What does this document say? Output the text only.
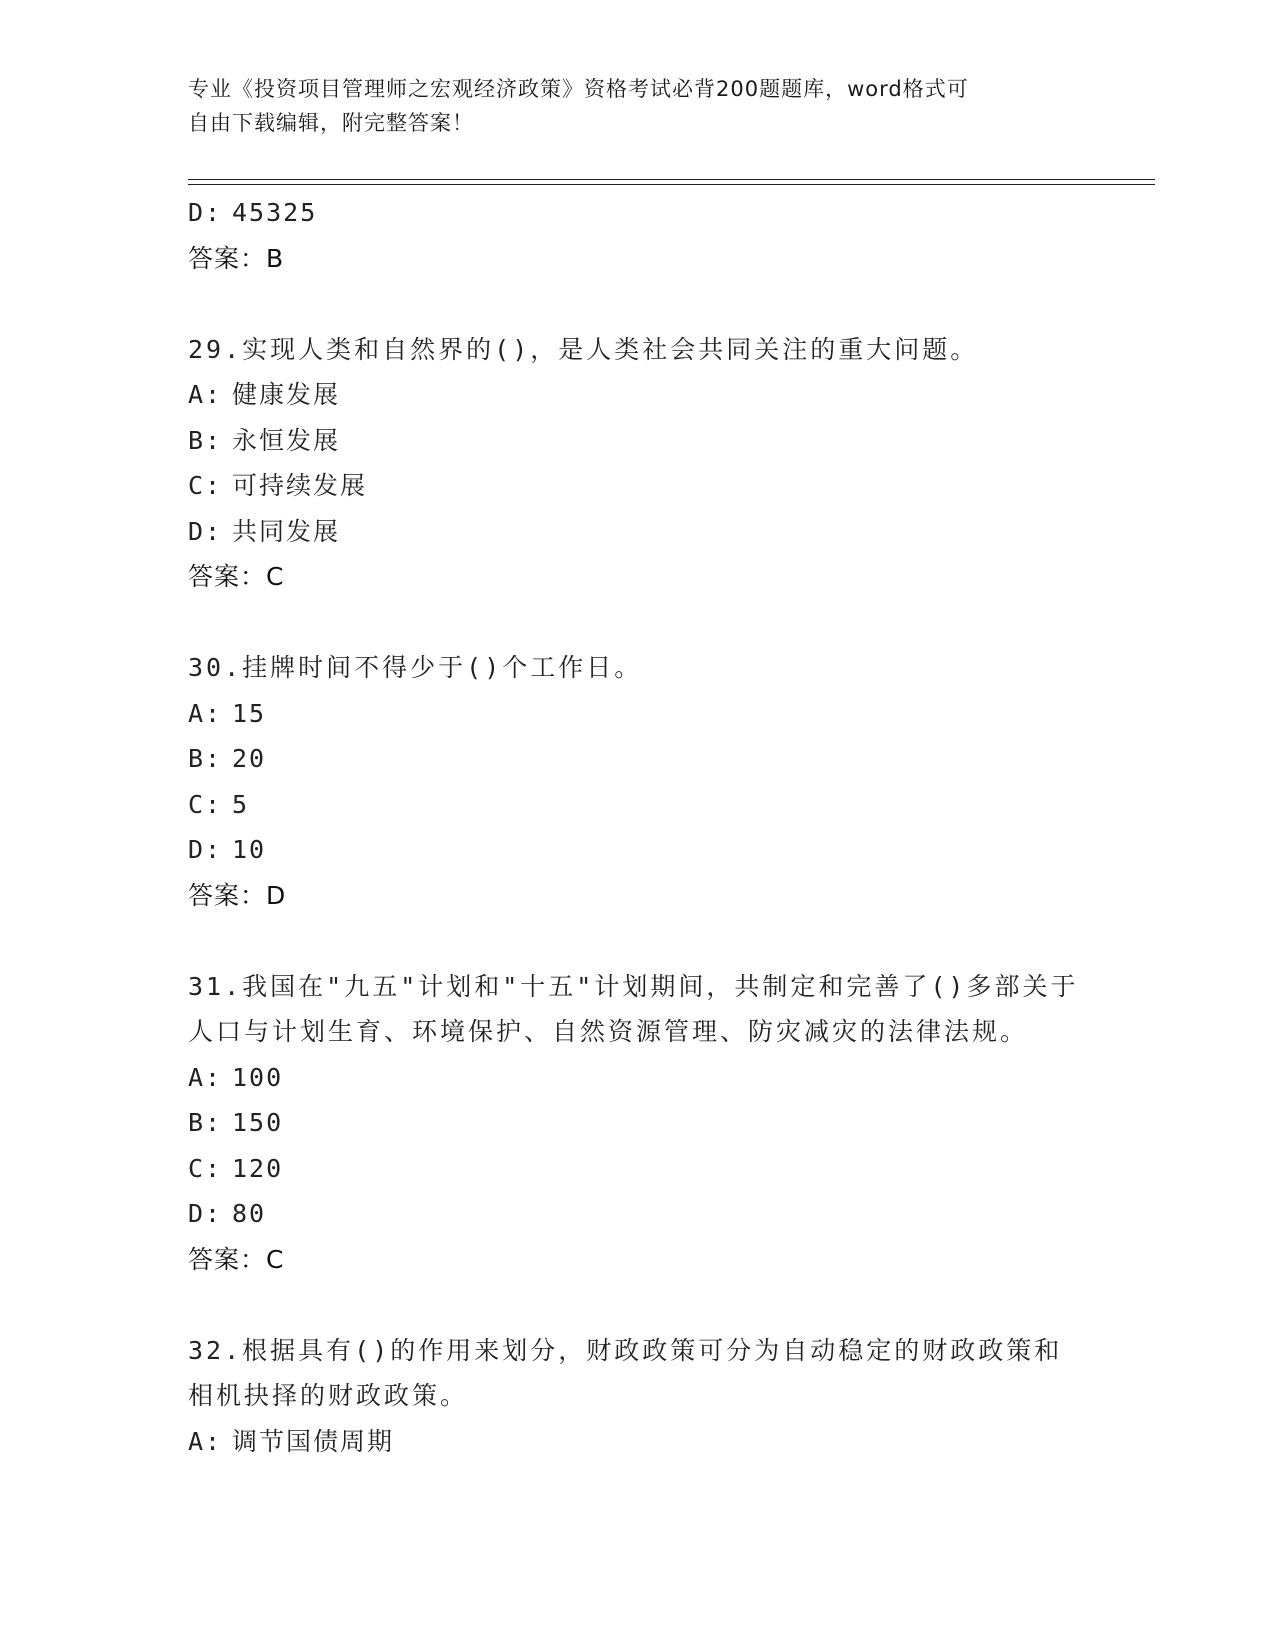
专业《投资项目管理师之宏观经济政策》资格考试必背200题题库，word格式可
自由下载编辑，附完整答案！
D: 45325
答案：B
29.实现人类和自然界的()，是人类社会共同关注的重大问题。
A: 健康发展
B: 永恒发展
C: 可持续发展
D: 共同发展
答案：C
30.挂牌时间不得少于()个工作日。
A: 15
B: 20
C: 5
D: 10
答案：D
31.我国在"九五"计划和"十五"计划期间，共制定和完善了()多部关于
人口与计划生育、环境保护、自然资源管理、防灾减灾的法律法规。
A: 100
B: 150
C: 120
D: 80
答案：C
32.根据具有()的作用来划分，财政政策可分为自动稳定的财政政策和
相机抉择的财政政策。
A: 调节国债周期
